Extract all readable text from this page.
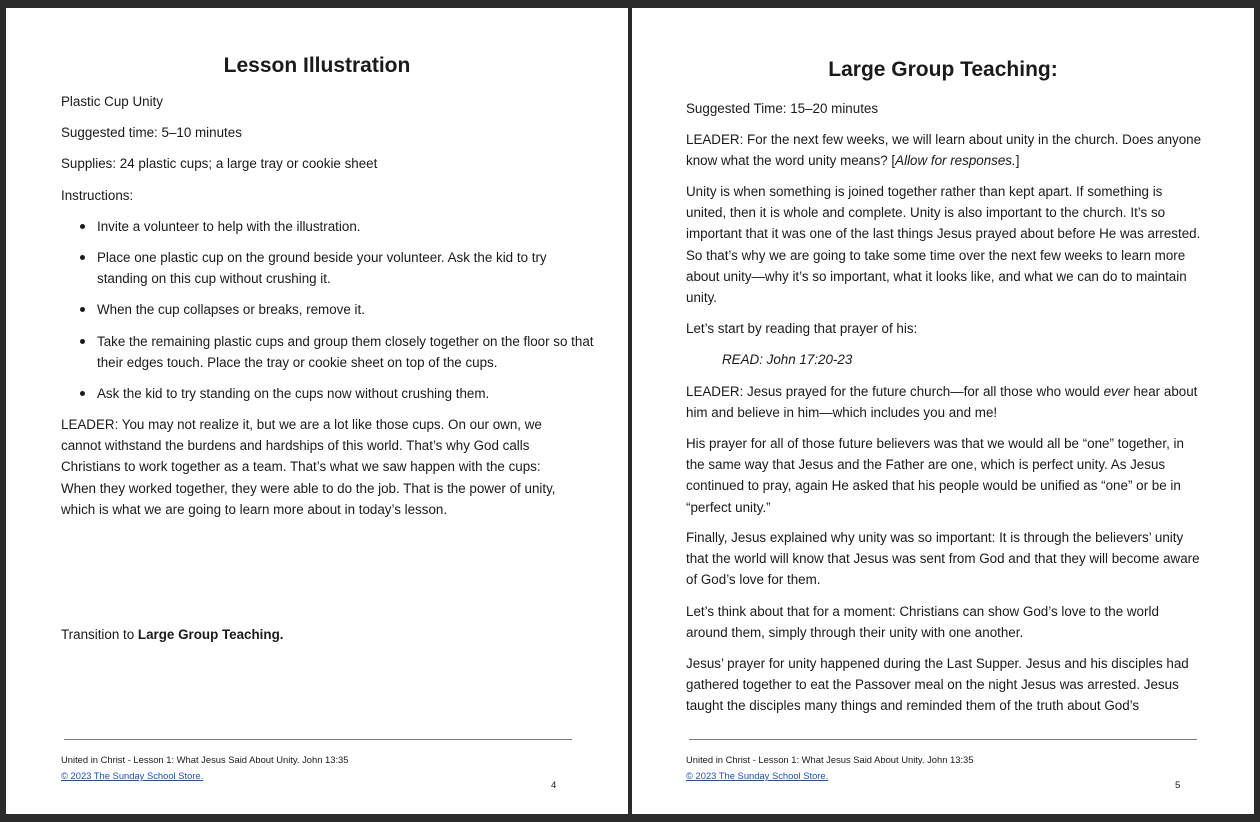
Lesson Illustration

Plastic Cup Unity

Suggested time: 5–10 minutes

Supplies: 24 plastic cups; a large tray or cookie sheet

Instructions:

Invite a volunteer to help with the illustration.
Place one plastic cup on the ground beside your volunteer. Ask the kid to try standing on this cup without crushing it.
When the cup collapses or breaks, remove it.
Take the remaining plastic cups and group them closely together on the floor so that their edges touch. Place the tray or cookie sheet on top of the cups.
Ask the kid to try standing on the cups now without crushing them.

LEADER: You may not realize it, but we are a lot like those cups. On our own, we cannot withstand the burdens and hardships of this world. That’s why God calls Christians to work together as a team. That’s what we saw happen with the cups: When they worked together, they were able to do the job. That is the power of unity, which is what we are going to learn more about in today’s lesson.

Transition to Large Group Teaching.

United in Christ - Lesson 1: What Jesus Said About Unity. John 13:35

© 2023 The Sunday School Store.

4

Large Group Teaching:

Suggested Time: 15–20 minutes

LEADER: For the next few weeks, we will learn about unity in the church. Does anyone know what the word unity means? [Allow for responses.]

Unity is when something is joined together rather than kept apart. If something is united, then it is whole and complete. Unity is also important to the church. It’s so important that it was one of the last things Jesus prayed about before He was arrested. So that’s why we are going to take some time over the next few weeks to learn more about unity—why it’s so important, what it looks like, and what we can do to maintain unity.

Let’s start by reading that prayer of his:

READ: John 17:20-23

LEADER: Jesus prayed for the future church—for all those who would ever hear about him and believe in him—which includes you and me!

His prayer for all of those future believers was that we would all be “one” together, in the same way that Jesus and the Father are one, which is perfect unity. As Jesus continued to pray, again He asked that his people would be unified as “one” or be in “perfect unity.”

Finally, Jesus explained why unity was so important: It is through the believers’ unity that the world will know that Jesus was sent from God and that they will become aware of God’s love for them.

Let’s think about that for a moment: Christians can show God’s love to the world around them, simply through their unity with one another.

Jesus’ prayer for unity happened during the Last Supper. Jesus and his disciples had gathered together to eat the Passover meal on the night Jesus was arrested. Jesus taught the disciples many things and reminded them of the truth about God’s

United in Christ - Lesson 1: What Jesus Said About Unity. John 13:35

© 2023 The Sunday School Store.

5
